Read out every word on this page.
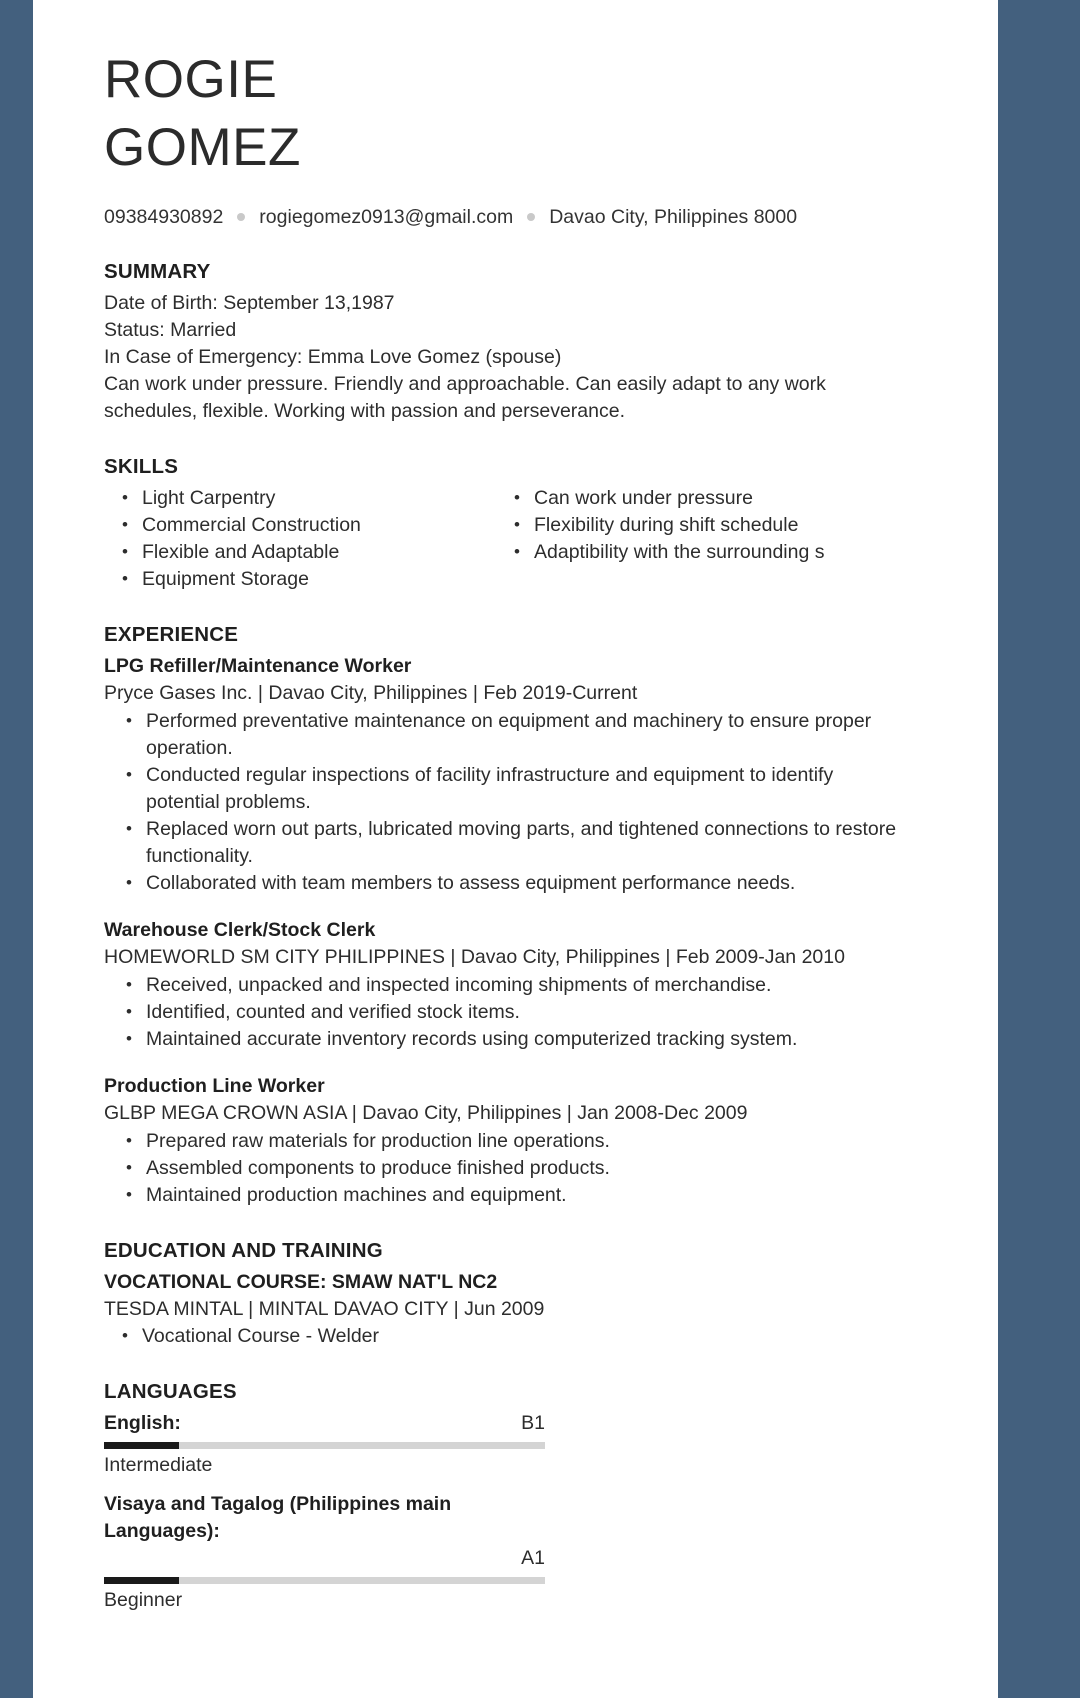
ROGIE
GOMEZ
09384930892 rogiegomez0913@gmail.com Davao City, Philippines 8000
SUMMARY
Date of Birth: September 13,1987
Status: Married
In Case of Emergency: Emma Love Gomez (spouse)
Can work under pressure. Friendly and approachable. Can easily adapt to any work schedules, flexible. Working with passion and perseverance.
SKILLS
• Light Carpentry
• Commercial Construction
• Flexible and Adaptable
• Equipment Storage
• Can work under pressure
• Flexibility during shift schedule
• Adaptibility with the surrounding s
EXPERIENCE
LPG Refiller/Maintenance Worker
Pryce Gases Inc. | Davao City, Philippines | Feb 2019-Current
• Performed preventative maintenance on equipment and machinery to ensure proper operation.
• Conducted regular inspections of facility infrastructure and equipment to identify potential problems.
• Replaced worn out parts, lubricated moving parts, and tightened connections to restore functionality.
• Collaborated with team members to assess equipment performance needs.
Warehouse Clerk/Stock Clerk
HOMEWORLD SM CITY PHILIPPINES | Davao City, Philippines | Feb 2009-Jan 2010
• Received, unpacked and inspected incoming shipments of merchandise.
• Identified, counted and verified stock items.
• Maintained accurate inventory records using computerized tracking system.
Production Line Worker
GLBP MEGA CROWN ASIA | Davao City, Philippines | Jan 2008-Dec 2009
• Prepared raw materials for production line operations.
• Assembled components to produce finished products.
• Maintained production machines and equipment.
EDUCATION AND TRAINING
VOCATIONAL COURSE: SMAW NAT'L NC2
TESDA MINTAL | MINTAL DAVAO CITY | Jun 2009
• Vocational Course - Welder
LANGUAGES
English:	B1
Intermediate
Visaya and Tagalog (Philippines main Languages):
A1
Beginner
